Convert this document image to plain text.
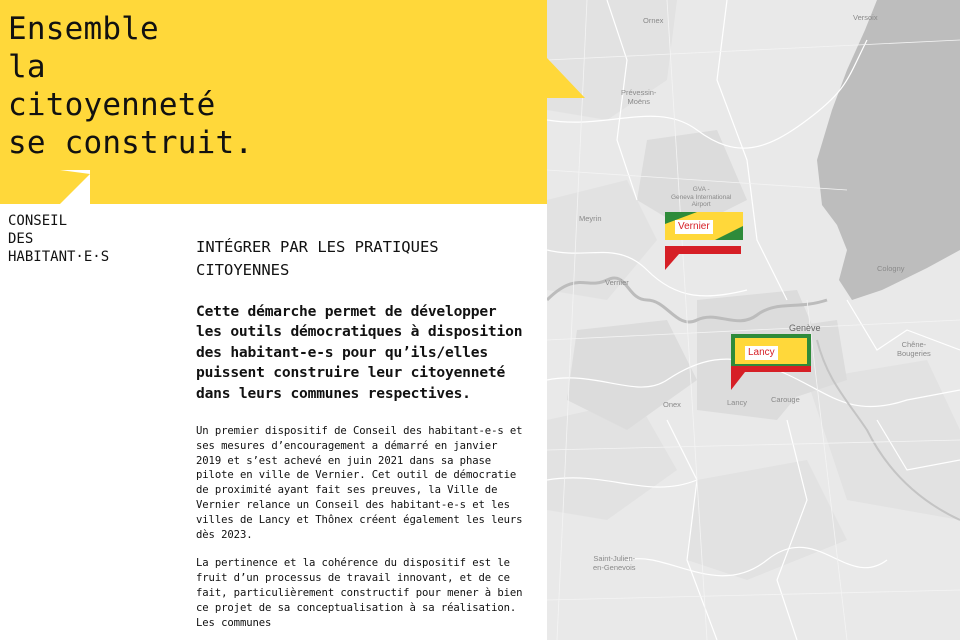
Ensemble
la
citoyenneté
se construit.
CONSEIL
DES
HABITANT·E·S
INTÉGRER PAR LES PRATIQUES CITOYENNES

Cette démarche permet de développer les outils démocratiques à disposition des habitant-e-s pour qu’ils/elles puissent construire leur citoyenneté dans leurs communes respectives.

Un premier dispositif de Conseil des habitant-e-s et ses mesures d’encouragement a démarré en janvier 2019 et s’est achevé en juin 2021 dans sa phase pilote en ville de Vernier. Cet outil de démocratie de proximité ayant fait ses preuves, la Ville de Vernier relance un Conseil des habitant-e-s et les villes de Lancy et Thônex créent également les leurs dès 2023.

La pertinence et la cohérence du dispositif est le fruit d’un processus de travail innovant, et de ce fait, particulièrement constructif pour mener à bien ce projet de sa conceptualisation à sa réalisation. Les communes

Ornex	Versoix
Prévessin-
Moëns
GVA -
Geneva International
Airport
Meyrin
Vernier
Cologny
Genève
Chêne-
Bougeries
Onex	Lancy	Carouge
Saint-Julien-
en-Genevois
Vernier
Lancy
